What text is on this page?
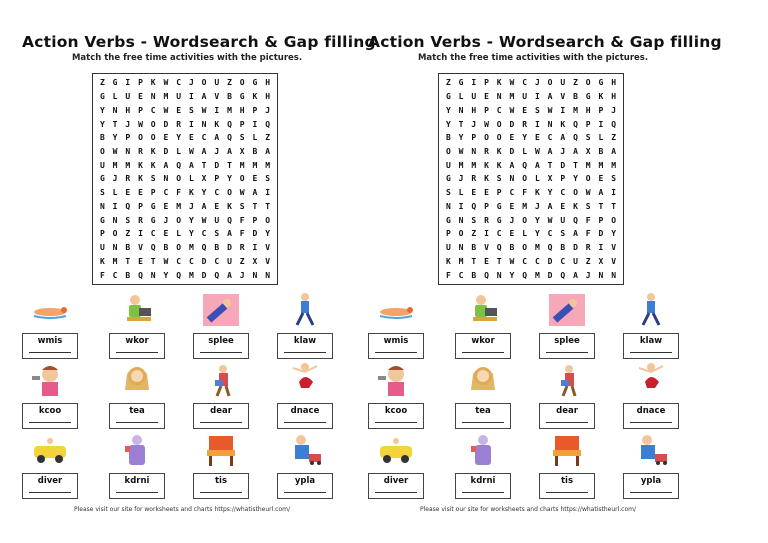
Action Verbs - Wordsearch & Gap filling
Match the free time activities with the pictures.
Z G I P K W C J O U Z O G H
G L U E N M U I A V B G K H
Y N H P C W E S W I M H P J
Y T J W O D R I N K Q P I Q
B Y P O O E Y E C A Q S L Z
O W N R K D L W A J A X B A
U M M K K A Q A T D T M M M
G J R K S N O L X P Y O E S
S L E E P C F K Y C O W A I
N I Q P G E M J A E K S T T
G N S R G J O Y W U Q F P O
P O Z I C E L Y C S A F D Y
U N B V Q B O M Q B D R I V
K M T E T W C C D C U Z X V
F C B Q N Y Q M D Q A J N N
wmis	wkor	splee	klaw
kcoo	tea	dear	dnace
diver	kdrni	tis	ypla
Please visit our site for worksheets and charts https://whatistheurl.com/
Action Verbs - Wordsearch & Gap filling
Match the free time activities with the pictures.
Z G I P K W C J O U Z O G H
G L U E N M U I A V B G K H
Y N H P C W E S W I M H P J
Y T J W O D R I N K Q P I Q
B Y P O O E Y E C A Q S L Z
O W N R K D L W A J A X B A
U M M K K A Q A T D T M M M
G J R K S N O L X P Y O E S
S L E E P C F K Y C O W A I
N I Q P G E M J A E K S T T
G N S R G J O Y W U Q F P O
P O Z I C E L Y C S A F D Y
U N B V Q B O M Q B D R I V
K M T E T W C C D C U Z X V
F C B Q N Y Q M D Q A J N N
wmis	wkor	splee	klaw
kcoo	tea	dear	dnace
diver	kdrni	tis	ypla
Please visit our site for worksheets and charts https://whatistheurl.com/
